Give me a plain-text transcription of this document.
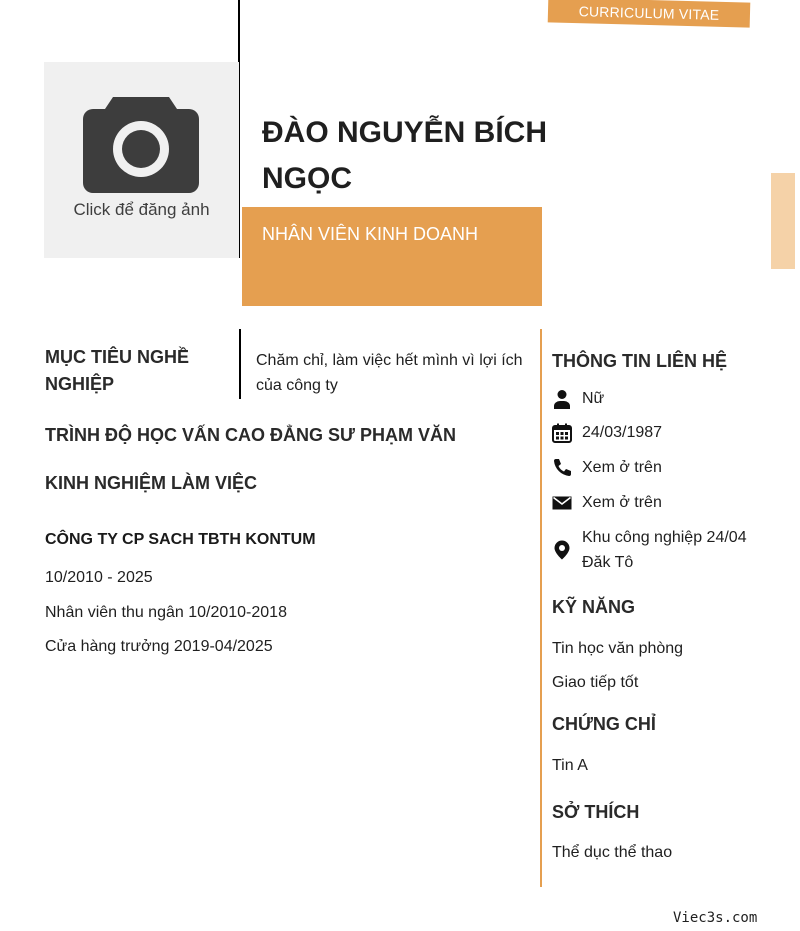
CURRICULUM VITAE
Click để đăng ảnh
ĐÀO NGUYỄN BÍCH NGỌC
NHÂN VIÊN KINH DOANH
MỤC TIÊU NGHỀ NGHIỆP
Chăm chỉ, làm việc hết mình vì lợi ích của công ty
TRÌNH ĐỘ HỌC VẤN CAO ĐẲNG SƯ PHẠM VĂN
KINH NGHIỆM LÀM VIỆC
CÔNG TY CP SACH TBTH KONTUM
10/2010 - 2025
Nhân viên thu ngân 10/2010-2018
Cửa hàng trưởng 2019-04/2025
THÔNG TIN LIÊN HỆ
Nữ
24/03/1987
Xem ở trên
Xem ở trên
Khu công nghiệp 24/04 Đăk Tô
KỸ NĂNG
Tin học văn phòng
Giao tiếp tốt
CHỨNG CHỈ
Tin A
SỞ THÍCH
Thể dục thể thao
Viec3s.com
